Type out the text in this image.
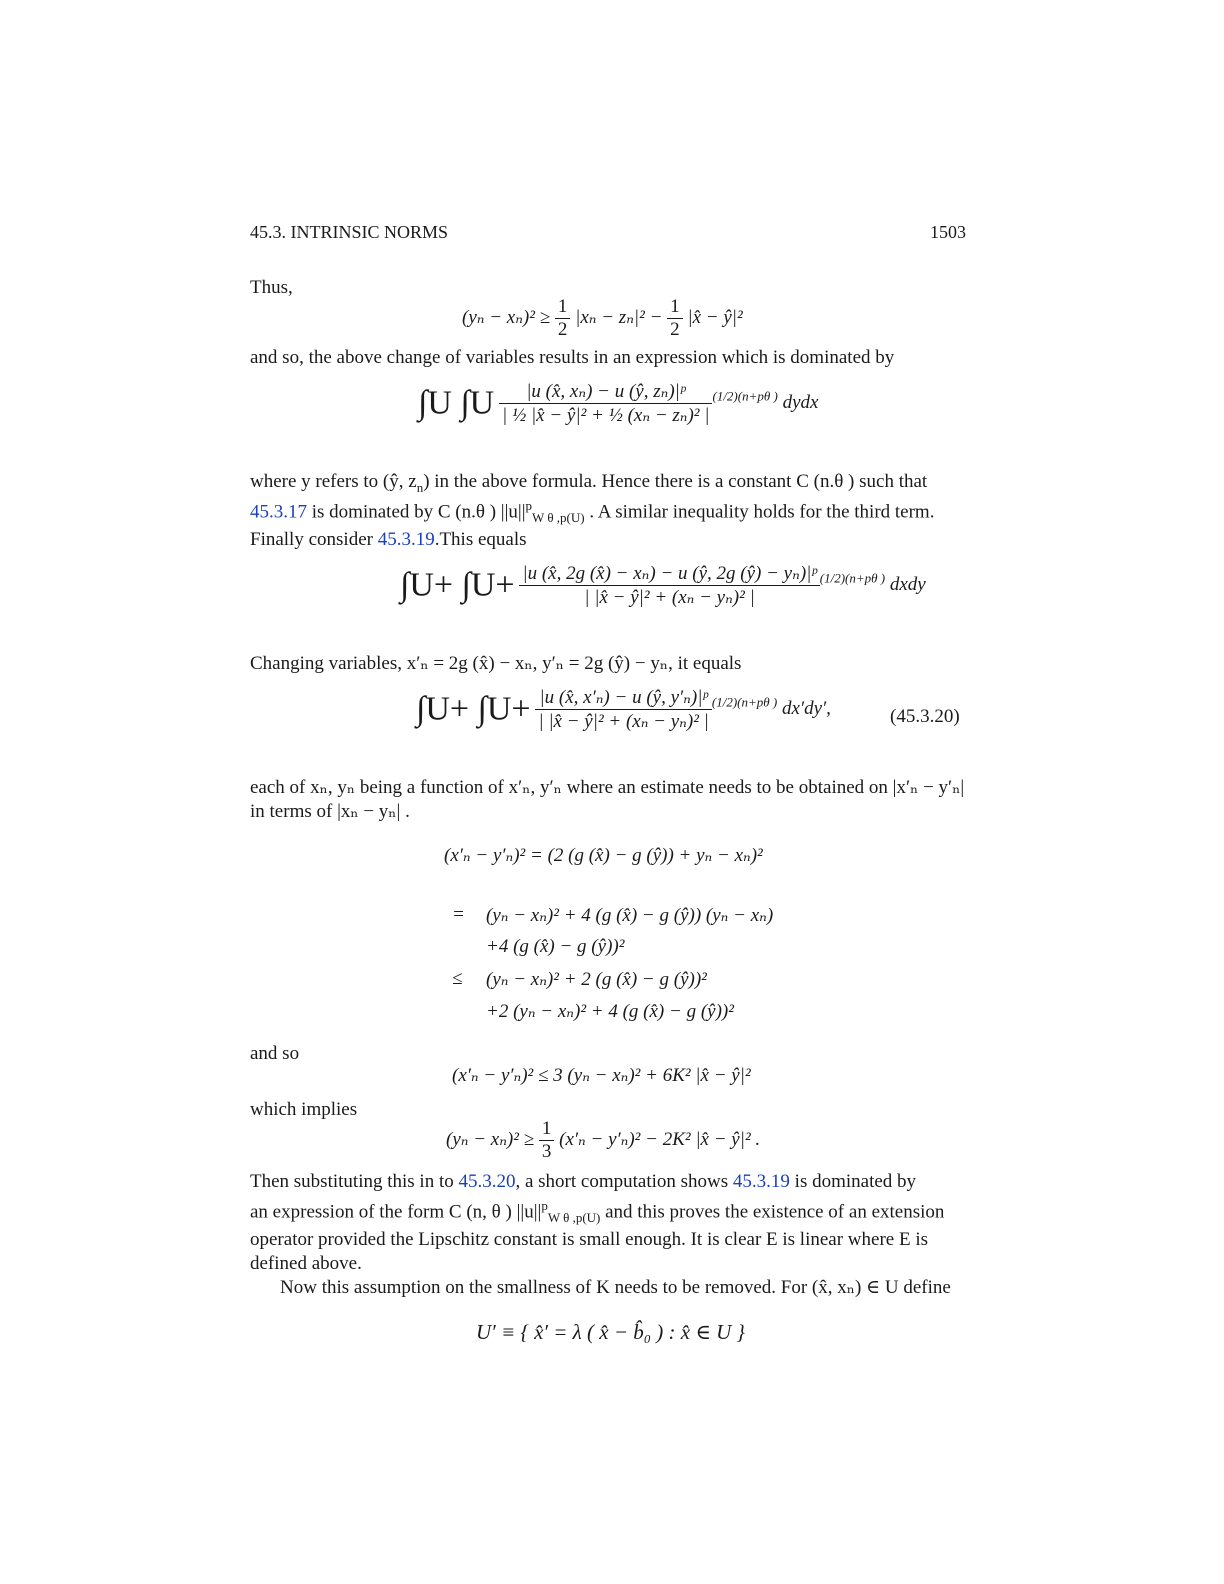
45.3. INTRINSIC NORMS	1503
Thus,
$(y_n - x_n)^2 \ge \frac{1}{2} |x_n - z_n|^2 - \frac{1}{2}$ |x̂ − ŷ|²
and so, the above change of variables results in an expression which is dominated by
∫U $\int U \frac{\text{|u (x̂, xₙ) − u (ŷ, zₙ)|ᵖ}}{\text{| ½ |x̂ − ŷ|² + ½ (xₙ − zₙ)² |}} ^{(1/2)(n+p\theta )}$ dydx
where y refers to (ŷ, $z_n$) in the above formula. Hence there is a constant C (n.θ ) such that
45.3.17 is dominated by C (n.θ ) $||u||^p_{W \theta ,p(U)}$ . A similar inequality holds for the third term.
Finally consider 45.3.19.This equals
$\int U+ \int U+ \frac{\text{|u (x̂, 2g (x̂) − xₙ) − u (ŷ, 2g (ŷ) − yₙ)|ᵖ}}{\text{| |x̂ − ŷ|² + (xₙ − yₙ)² |}} ^{(1/2)(n+p\theta )}$ dxdy
Changing variables, x′ₙ = 2g (x̂) − xₙ, y′ₙ = 2g (ŷ) − yₙ, it equals
$\int U+ \int U+ \frac{\text{|u (x̂, x′ₙ) − u (ŷ, y′ₙ)|ᵖ}}{\text{| |x̂ − ŷ|² + (xₙ − yₙ)² |}} ^{(1/2)(n+p\theta )}$ dx′dy′,	(45.3.20)
each of xₙ, yₙ being a function of x′ₙ, y′ₙ where an estimate needs to be obtained on |x′ₙ − y′ₙ|
in terms of |xₙ − yₙ| .
(x′ₙ − y′ₙ)² = (2 (g (x̂) − g (ŷ)) + yₙ − xₙ)²
= (yₙ − xₙ)² + 4 (g (x̂) − g (ŷ)) (yₙ − xₙ)
+4 (g (x̂) − g (ŷ))²
≤ (yₙ − xₙ)² + 2 (g (x̂) − g (ŷ))²
+2 (yₙ − xₙ)² + 4 (g (x̂) − g (ŷ))²
and so
(x′ₙ − y′ₙ)² ≤ 3 (yₙ − xₙ)² + 6K² |x̂ − ŷ|²
which implies
$(y_n - x_n)^2 \ge \frac{1}{3} (x'_n - y'_n)^2 - 2K^2$ |x̂ − ŷ|² .
Then substituting this in to 45.3.20, a short computation shows 45.3.19 is dominated by
an expression of the form C (n, θ ) $||u||^p_{W \theta ,p(U)}$ and this proves the existence of an extension
operator provided the Lipschitz constant is small enough. It is clear E is linear where E is
defined above.
Now this assumption on the smallness of K needs to be removed. For (x̂, xₙ) ∈ U define
U′ ≡ { x̂′ = λ ( x̂ − b̂₀ ) : x̂ ∈ U }
